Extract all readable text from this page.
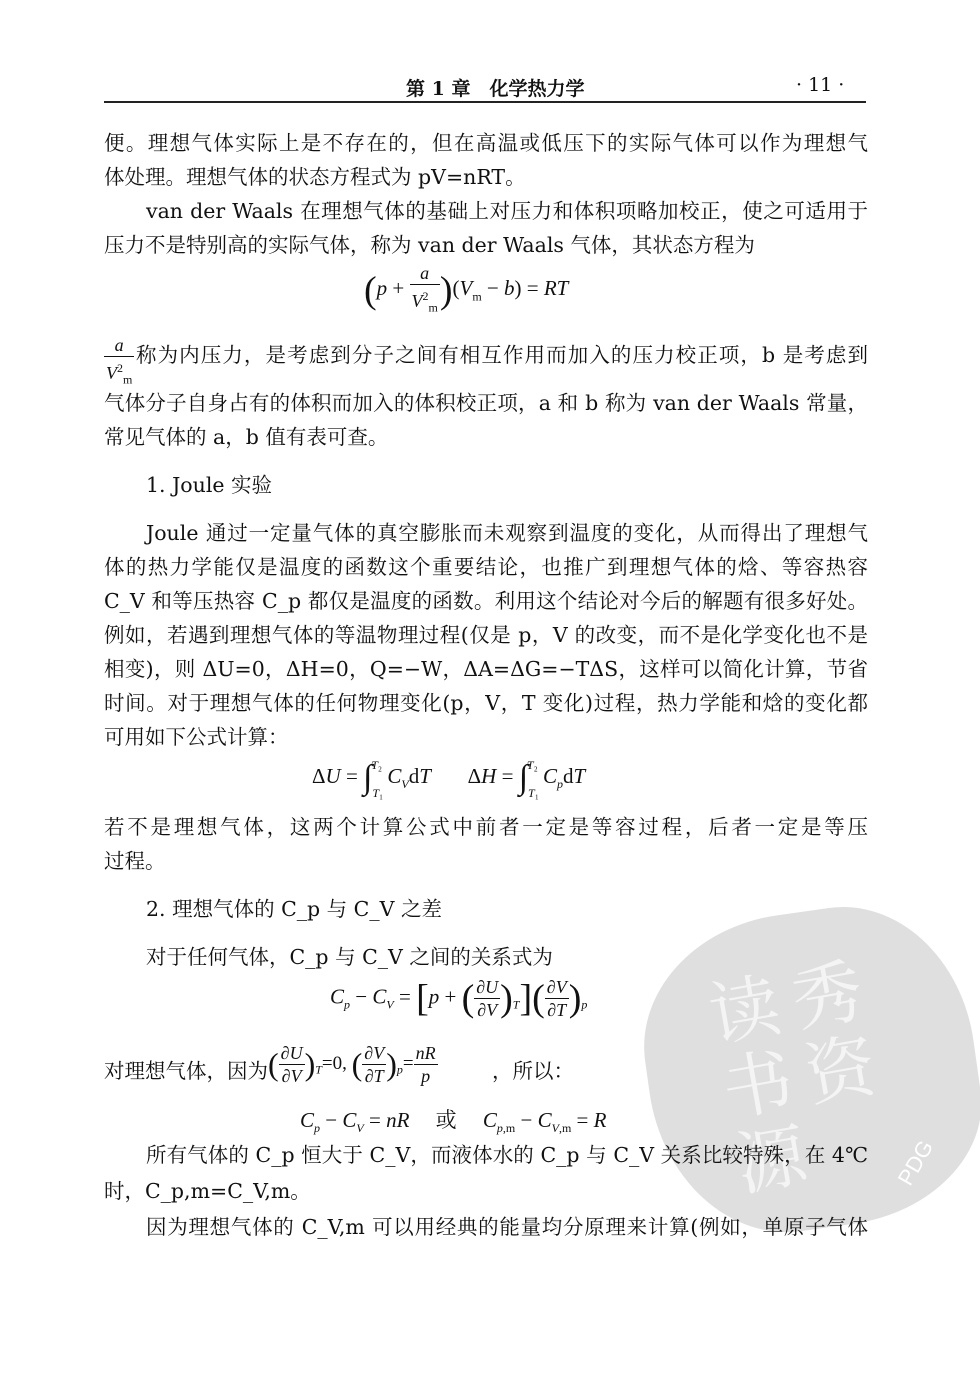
第 1 章　化学热力学	· 11 ·
读秀书资源	PDG
便。理想气体实际上是不存在的，但在高温或低压下的实际气体可以作为理想气
体处理。理想气体的状态方程式为 pV=nRT。
van der Waals 在理想气体的基础上对压力和体积项略加校正，使之可适用于
压力不是特别高的实际气体，称为 van der Waals 气体，其状态方程为
$(p + \frac{a}{V^2_m} )(V_m - b)$ = RT
$\frac{a}{V^2_m}$ 称为内压力，是考虑到分子之间有相互作用而加入的压力校正项，b 是考虑到
气体分子自身占有的体积而加入的体积校正项，a 和 b 称为 van der Waals 常量，
常见气体的 a，b 值有表可查。
1. Joule 实验
Joule 通过一定量气体的真空膨胀而未观察到温度的变化，从而得出了理想气
体的热力学能仅是温度的函数这个重要结论，也推广到理想气体的焓、等容热容
C_V 和等压热容 C_p 都仅是温度的函数。利用这个结论对今后的解题有很多好处。
例如，若遇到理想气体的等温物理过程(仅是 p，V 的改变，而不是化学变化也不是
相变)，则 ΔU=0，ΔH=0，Q=−W，ΔA=ΔG=−TΔS，这样可以简化计算，节省
时间。对于理想气体的任何物理变化(p，V，T 变化)过程，热力学能和焓的变化都
可用如下公式计算：
$\Delta U = \int_{T_1}^{T_2}$ $C_VdT$       $\Delta H = \int_{T_1}^{T_2}$ $C_pdT$
若不是理想气体，这两个计算公式中前者一定是等容过程，后者一定是等压
过程。
2. 理想气体的 C_p 与 C_V 之差
对于任何气体，C_p 与 C_V 之间的关系式为
$C_p - C_V = [p$ + ( $\frac{\partial U}{\partial V} )_T]( \frac{\partial V}{\partial T} )_p$
对理想气体，因为 ( $\frac{\partial U}{\partial V} )_T=0$, ( $\frac{\partial V}{\partial T} )_p= \frac{nR}{p}$	，所以：
$C_p - C_V$ = nR     或     $C_{p,m} - C_{V,m} = R$
所有气体的 C_p 恒大于 C_V，而液体水的 C_p 与 C_V 关系比较特殊，在 4℃
时，C_p,m=C_V,m。
因为理想气体的 C_V,m 可以用经典的能量均分原理来计算(例如，单原子气体
